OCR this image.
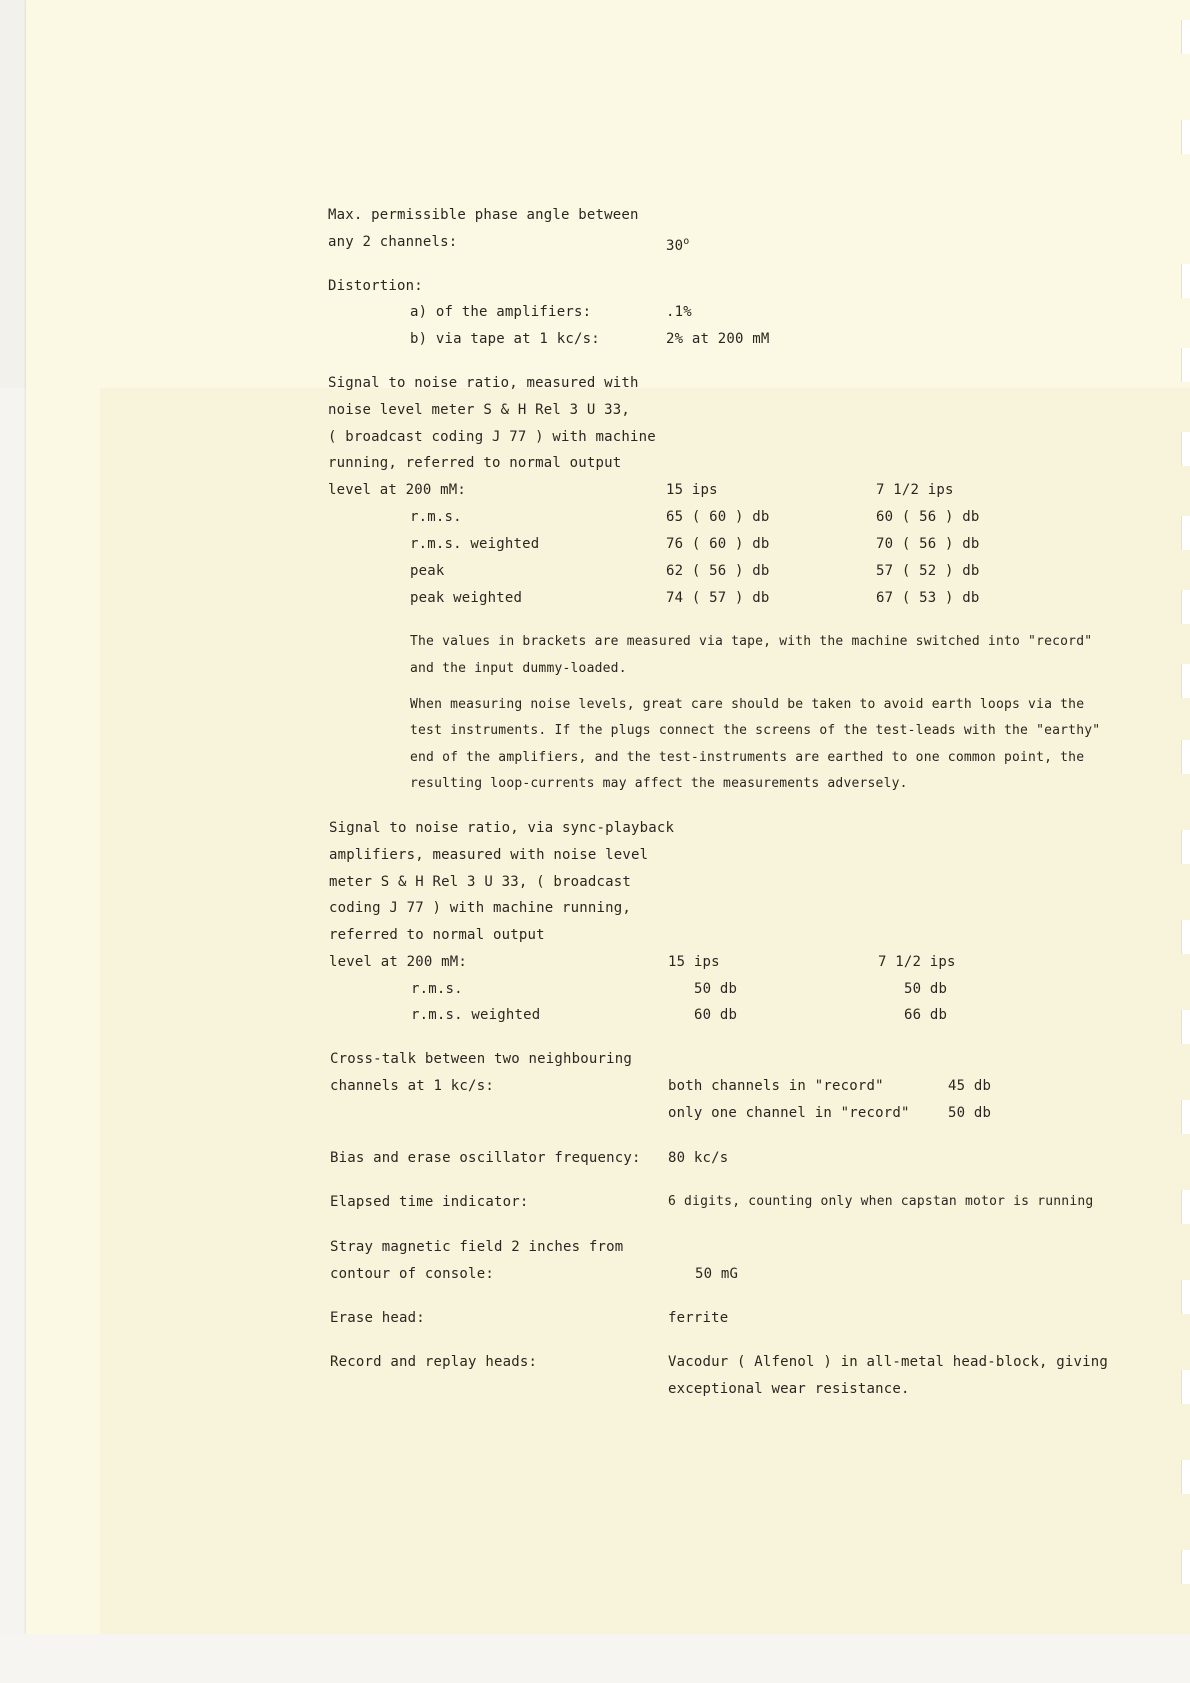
Max. permissible phase angle between
any 2 channels:	30$^o$
Distortion:
a) of the amplifiers:	.1%
b) via tape at 1 kc/s:	2% at 200 mM
Signal to noise ratio, measured with
noise level meter S & H Rel 3 U 33,
( broadcast coding J 77 ) with machine
running, referred to normal output
level at 200 mM:	15 ips	7 1/2 ips
r.m.s.	65 ( 60 ) db	60 ( 56 ) db
r.m.s. weighted	76 ( 60 ) db	70 ( 56 ) db
peak	62 ( 56 ) db	57 ( 52 ) db
peak weighted	74 ( 57 ) db	67 ( 53 ) db
The values in brackets are measured via tape, with the machine switched into "record"
and the input dummy-loaded.
When measuring noise levels, great care should be taken to avoid earth loops via the
test instruments. If the plugs connect the screens of the test-leads with the "earthy"
end of the amplifiers, and the test-instruments are earthed to one common point, the
resulting loop-currents may affect the measurements adversely.
Signal to noise ratio, via sync-playback
amplifiers, measured with noise level
meter S & H Rel 3 U 33, ( broadcast
coding J 77 ) with machine running,
referred to normal output
level at 200 mM:	15 ips	7 1/2 ips
r.m.s.	50 db	50 db
r.m.s. weighted	60 db	66 db
Cross-talk between two neighbouring
channels at 1 kc/s:	both channels in "record"	45 db
only one channel in "record"	50 db
Bias and erase oscillator frequency: 80 kc/s
Elapsed time indicator:	6 digits, counting only when capstan motor is running
Stray magnetic field 2 inches from
contour of console:	50 mG
Erase head:	ferrite
Record and replay heads:	Vacodur ( Alfenol ) in all-metal head-block, giving
exceptional wear resistance.
